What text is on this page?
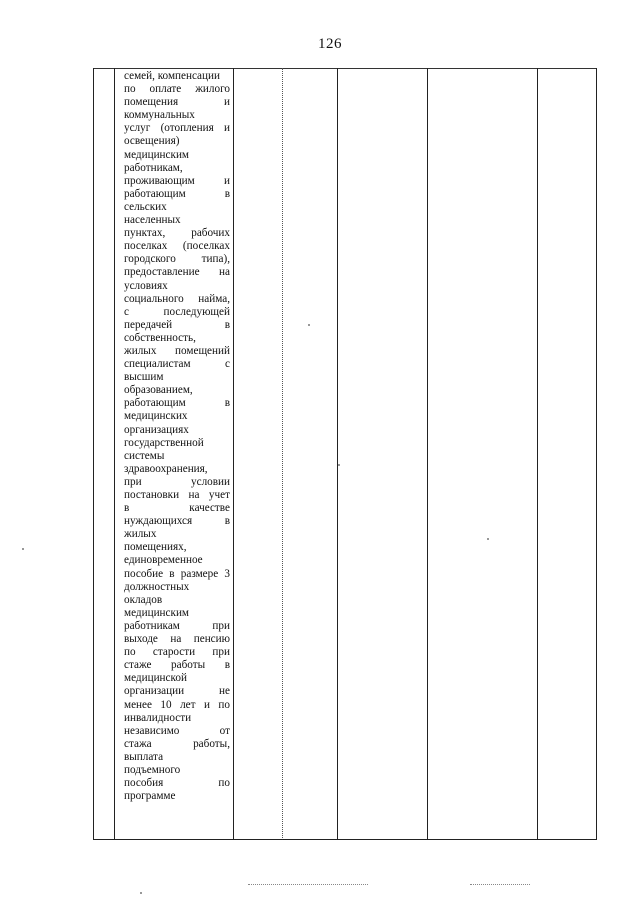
126
семей, компенсации
по оплате жилого
помещения и
коммунальных
услуг (отопления и
освещения)
медицинским
работникам,
проживающим и
работающим в
сельских
населенных
пунктах, рабочих
поселках (поселках
городского типа),
предоставление на
условиях
социального найма,
с последующей
передачей в
собственность,
жилых помещений
специалистам с
высшим
образованием,
работающим в
медицинских
организациях
государственной
системы
здравоохранения,
при условии
постановки на учет
в качестве
нуждающихся в
жилых
помещениях,
единовременное
пособие в размере 3
должностных
окладов
медицинским
работникам при
выходе на пенсию
по старости при
стаже работы в
медицинской
организации не
менее 10 лет и по
инвалидности
независимо от
стажа работы,
выплата
подъемного
пособия по
программе
